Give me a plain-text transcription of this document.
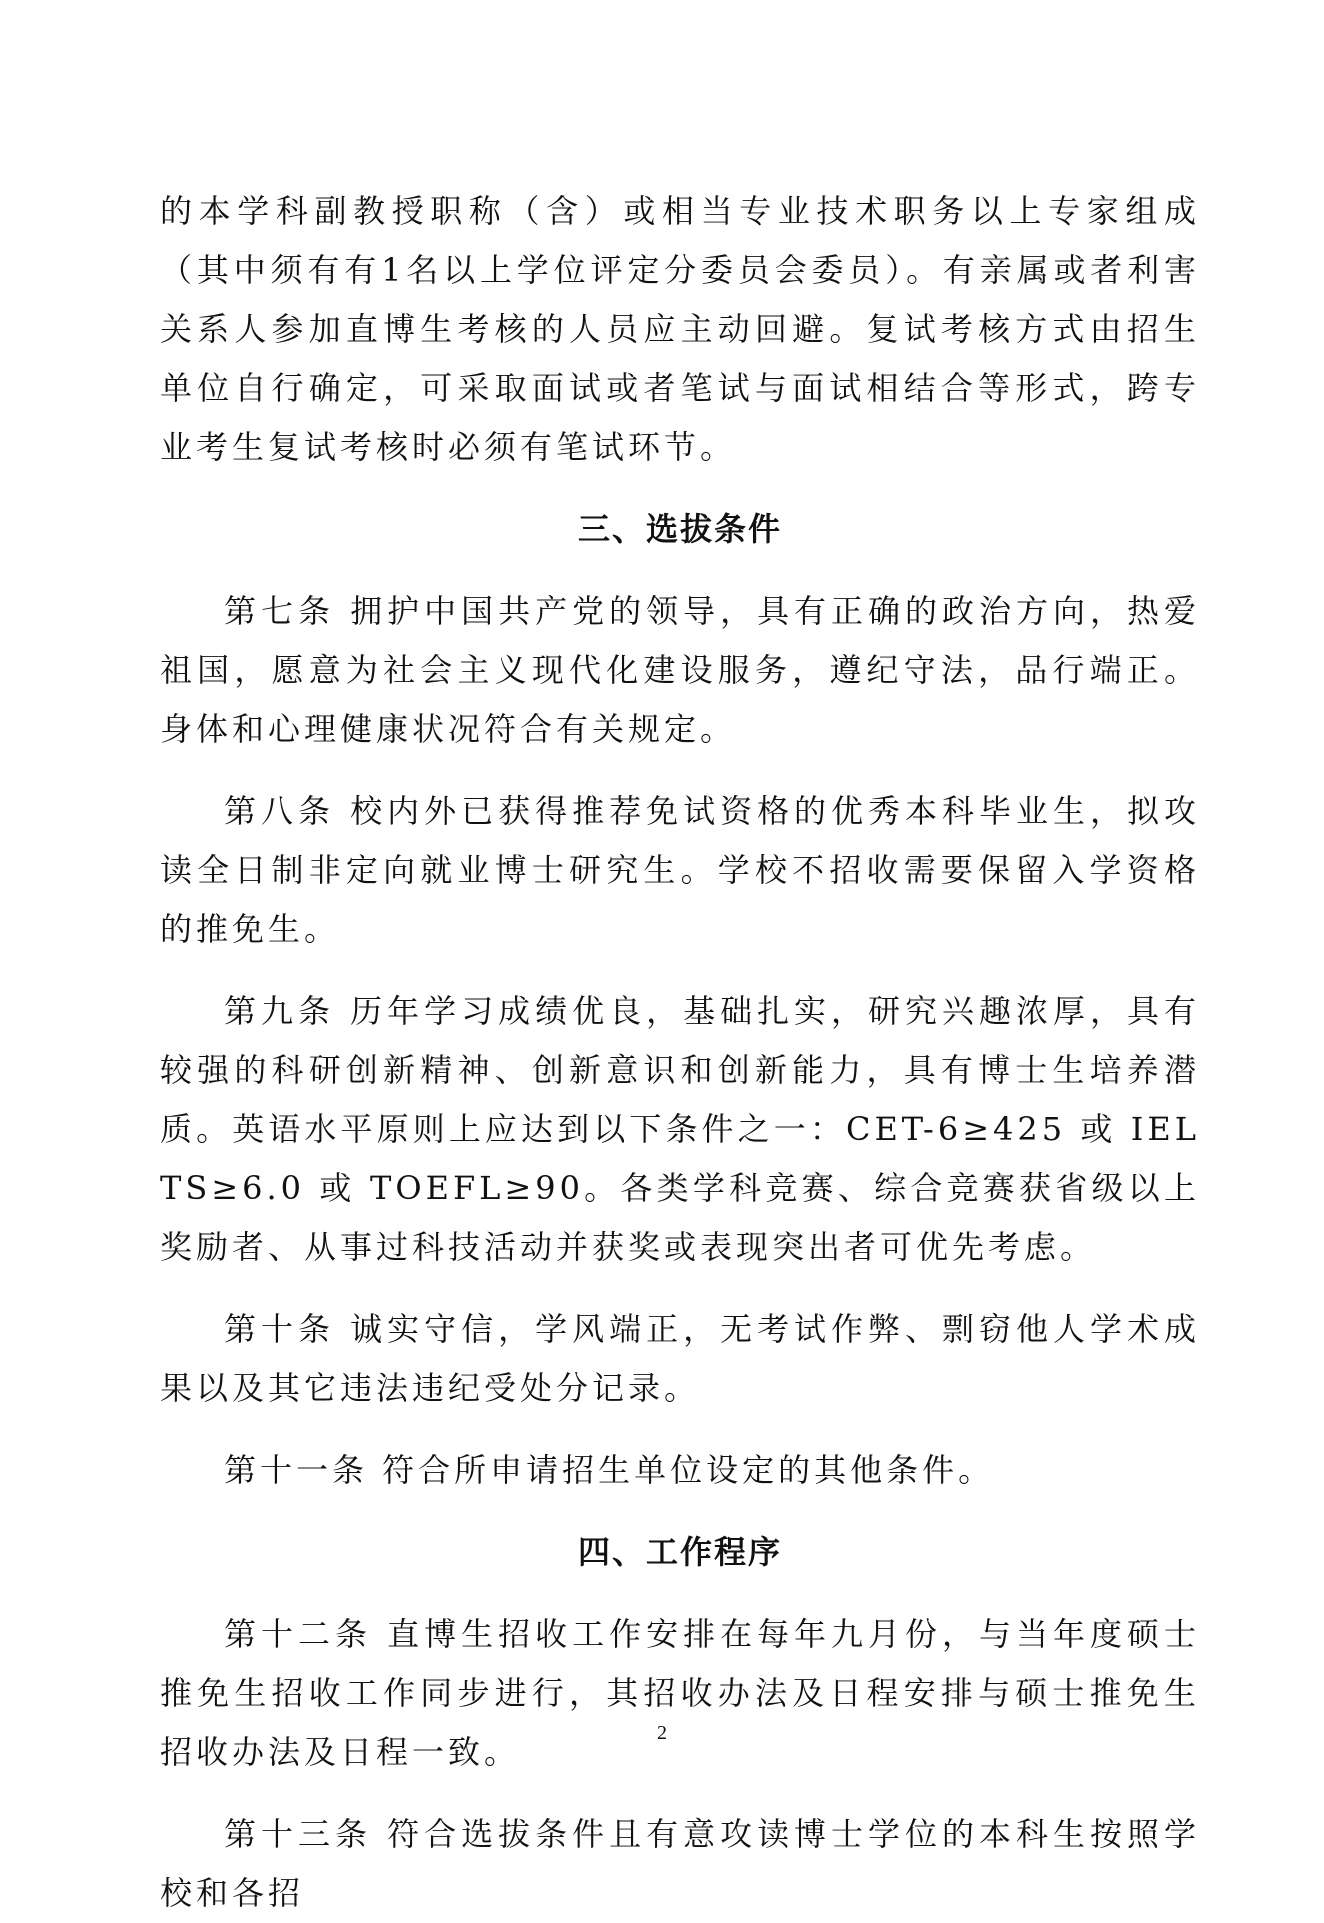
的本学科副教授职称（含）或相当专业技术职务以上专家组成（其中须有有1名以上学位评定分委员会委员）。有亲属或者利害关系人参加直博生考核的人员应主动回避。复试考核方式由招生单位自行确定，可采取面试或者笔试与面试相结合等形式，跨专业考生复试考核时必须有笔试环节。

三、选拔条件

第七条 拥护中国共产党的领导，具有正确的政治方向，热爱祖国，愿意为社会主义现代化建设服务，遵纪守法，品行端正。身体和心理健康状况符合有关规定。

第八条 校内外已获得推荐免试资格的优秀本科毕业生，拟攻读全日制非定向就业博士研究生。学校不招收需要保留入学资格的推免生。

第九条 历年学习成绩优良，基础扎实，研究兴趣浓厚，具有较强的科研创新精神、创新意识和创新能力，具有博士生培养潜质。英语水平原则上应达到以下条件之一：CET-6≥425 或 IELTS≥6.0 或 TOEFL≥90。各类学科竞赛、综合竞赛获省级以上奖励者、从事过科技活动并获奖或表现突出者可优先考虑。

第十条 诚实守信，学风端正，无考试作弊、剽窃他人学术成果以及其它违法违纪受处分记录。

第十一条 符合所申请招生单位设定的其他条件。

四、工作程序

第十二条 直博生招收工作安排在每年九月份，与当年度硕士推免生招收工作同步进行，其招收办法及日程安排与硕士推免生招收办法及日程一致。

第十三条 符合选拔条件且有意攻读博士学位的本科生按照学校和各招

2
